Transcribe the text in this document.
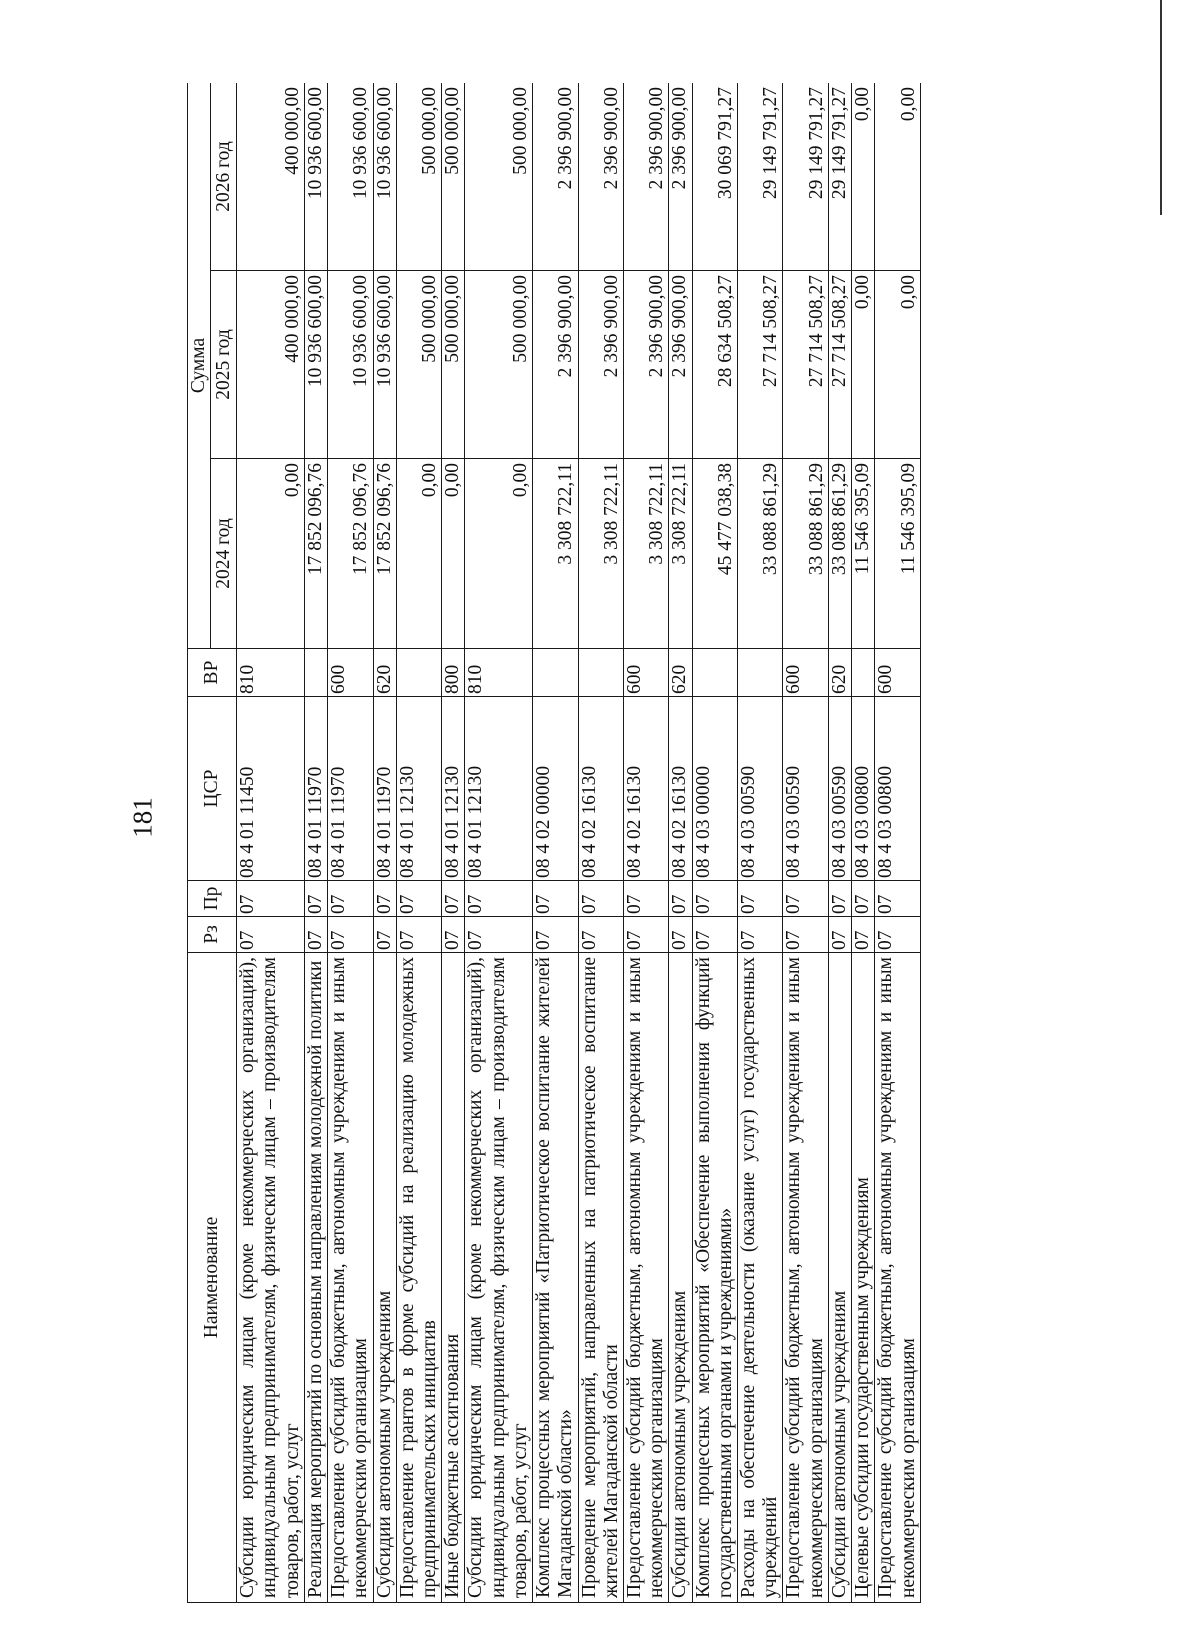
181
Наименование	Рз	Пр	ЦСР	ВР	Сумма		
					2024 год	2025 год	2026 год
Субсидии юридическим лицам (кроме некоммерческих организаций), индивидуальным предпринимателям, физическим лицам – производителям товаров, работ, услуг	07	07	08 4 01 11450	810	0,00	400 000,00	400 000,00
Реализация мероприятий по основным направлениям молодежной политики	07	07	08 4 01 11970		17 852 096,76	10 936 600,00	10 936 600,00
Предоставление субсидий бюджетным, автономным учреждениям и иным некоммерческим организациям	07	07	08 4 01 11970	600	17 852 096,76	10 936 600,00	10 936 600,00
Субсидии автономным учреждениям	07	07	08 4 01 11970	620	17 852 096,76	10 936 600,00	10 936 600,00
Предоставление грантов в форме субсидий на реализацию молодежных предпринимательских инициатив	07	07	08 4 01 12130		0,00	500 000,00	500 000,00
Иные бюджетные ассигнования	07	07	08 4 01 12130	800	0,00	500 000,00	500 000,00
Субсидии юридическим лицам (кроме некоммерческих организаций), индивидуальным предпринимателям, физическим лицам – производителям товаров, работ, услуг	07	07	08 4 01 12130	810	0,00	500 000,00	500 000,00
Комплекс процессных мероприятий «Патриотическое воспитание жителей Магаданской области»	07	07	08 4 02 00000		3 308 722,11	2 396 900,00	2 396 900,00
Проведение мероприятий, направленных на патриотическое воспитание жителей Магаданской области	07	07	08 4 02 16130		3 308 722,11	2 396 900,00	2 396 900,00
Предоставление субсидий бюджетным, автономным учреждениям и иным некоммерческим организациям	07	07	08 4 02 16130	600	3 308 722,11	2 396 900,00	2 396 900,00
Субсидии автономным учреждениям	07	07	08 4 02 16130	620	3 308 722,11	2 396 900,00	2 396 900,00
Комплекс процессных мероприятий «Обеспечение выполнения функций государственными органами и учреждениями»	07	07	08 4 03 00000		45 477 038,38	28 634 508,27	30 069 791,27
Расходы на обеспечение деятельности (оказание услуг) государственных учреждений	07	07	08 4 03 00590		33 088 861,29	27 714 508,27	29 149 791,27
Предоставление субсидий бюджетным, автономным учреждениям и иным некоммерческим организациям	07	07	08 4 03 00590	600	33 088 861,29	27 714 508,27	29 149 791,27
Субсидии автономным учреждениям	07	07	08 4 03 00590	620	33 088 861,29	27 714 508,27	29 149 791,27
Целевые субсидии государственным учреждениям	07	07	08 4 03 00800		11 546 395,09	0,00	0,00
Предоставление субсидий бюджетным, автономным учреждениям и иным некоммерческим организациям	07	07	08 4 03 00800	600	11 546 395,09	0,00	0,00
